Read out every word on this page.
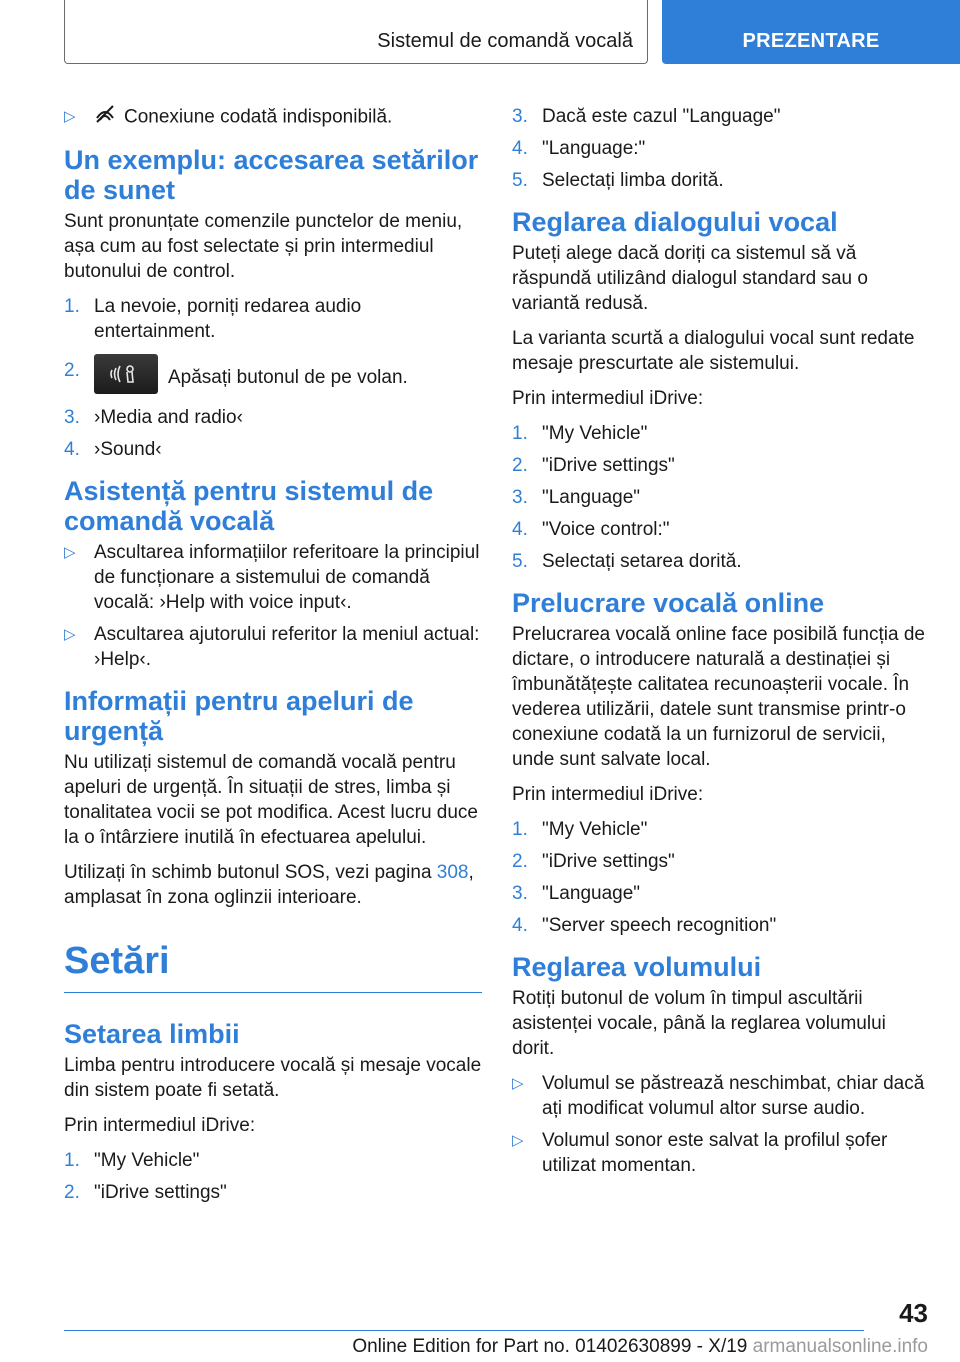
Sistemul de comandă vocală	PREZENTARE
▷	Conexiune codată indisponibilă.
Un exemplu: accesarea setărilor de sunet

Sunt pronunțate comenzile punctelor de meniu, așa cum au fost selectate și prin intermediul butonului de control.

1. La nevoie, porniți redarea audio entertainment.
2.	Apăsați butonul de pe volan.
3. ›Media and radio‹
4. ›Sound‹
Asistență pentru sistemul de comandă vocală
▷ Ascultarea informațiilor referitoare la principiul de funcționare a sistemului de comandă vocală: ›Help with voice input‹.
▷ Ascultarea ajutorului referitor la meniul actual: ›Help‹.
Informații pentru apeluri de urgență

Nu utilizați sistemul de comandă vocală pentru apeluri de urgență. În situații de stres, limba și tonalitatea vocii se pot modifica. Acest lucru duce la o întârziere inutilă în efectuarea apelului.

Utilizați în schimb butonul SOS, vezi pagina 308, amplasat în zona oglinzii interioare.

Setări
Setarea limbii

Limba pentru introducere vocală și mesaje vocale din sistem poate fi setată.

Prin intermediul iDrive:

1. "My Vehicle"
2. "iDrive settings"
3. Dacă este cazul "Language"
4. "Language:"
5. Selectați limba dorită.
Reglarea dialogului vocal

Puteți alege dacă doriți ca sistemul să vă răspundă utilizând dialogul standard sau o variantă redusă.

La varianta scurtă a dialogului vocal sunt redate mesaje prescurtate ale sistemului.

Prin intermediul iDrive:

1. "My Vehicle"
2. "iDrive settings"
3. "Language"
4. "Voice control:"
5. Selectați setarea dorită.
Prelucrare vocală online

Prelucrarea vocală online face posibilă funcția de dictare, o introducere naturală a destinației și îmbunătățește calitatea recunoașterii vocale. În vederea utilizării, datele sunt transmise printr-o conexiune codată la un furnizorul de servicii, unde sunt salvate local.

Prin intermediul iDrive:

1. "My Vehicle"
2. "iDrive settings"
3. "Language"
4. "Server speech recognition"
Reglarea volumului

Rotiți butonul de volum în timpul ascultării asistenței vocale, până la reglarea volumului dorit.

▷ Volumul se păstrează neschimbat, chiar dacă ați modificat volumul altor surse audio.
▷ Volumul sonor este salvat la profilul șofer utilizat momentan.
43
Online Edition for Part no. 01402630899 - X/19 armanualsonline.info
